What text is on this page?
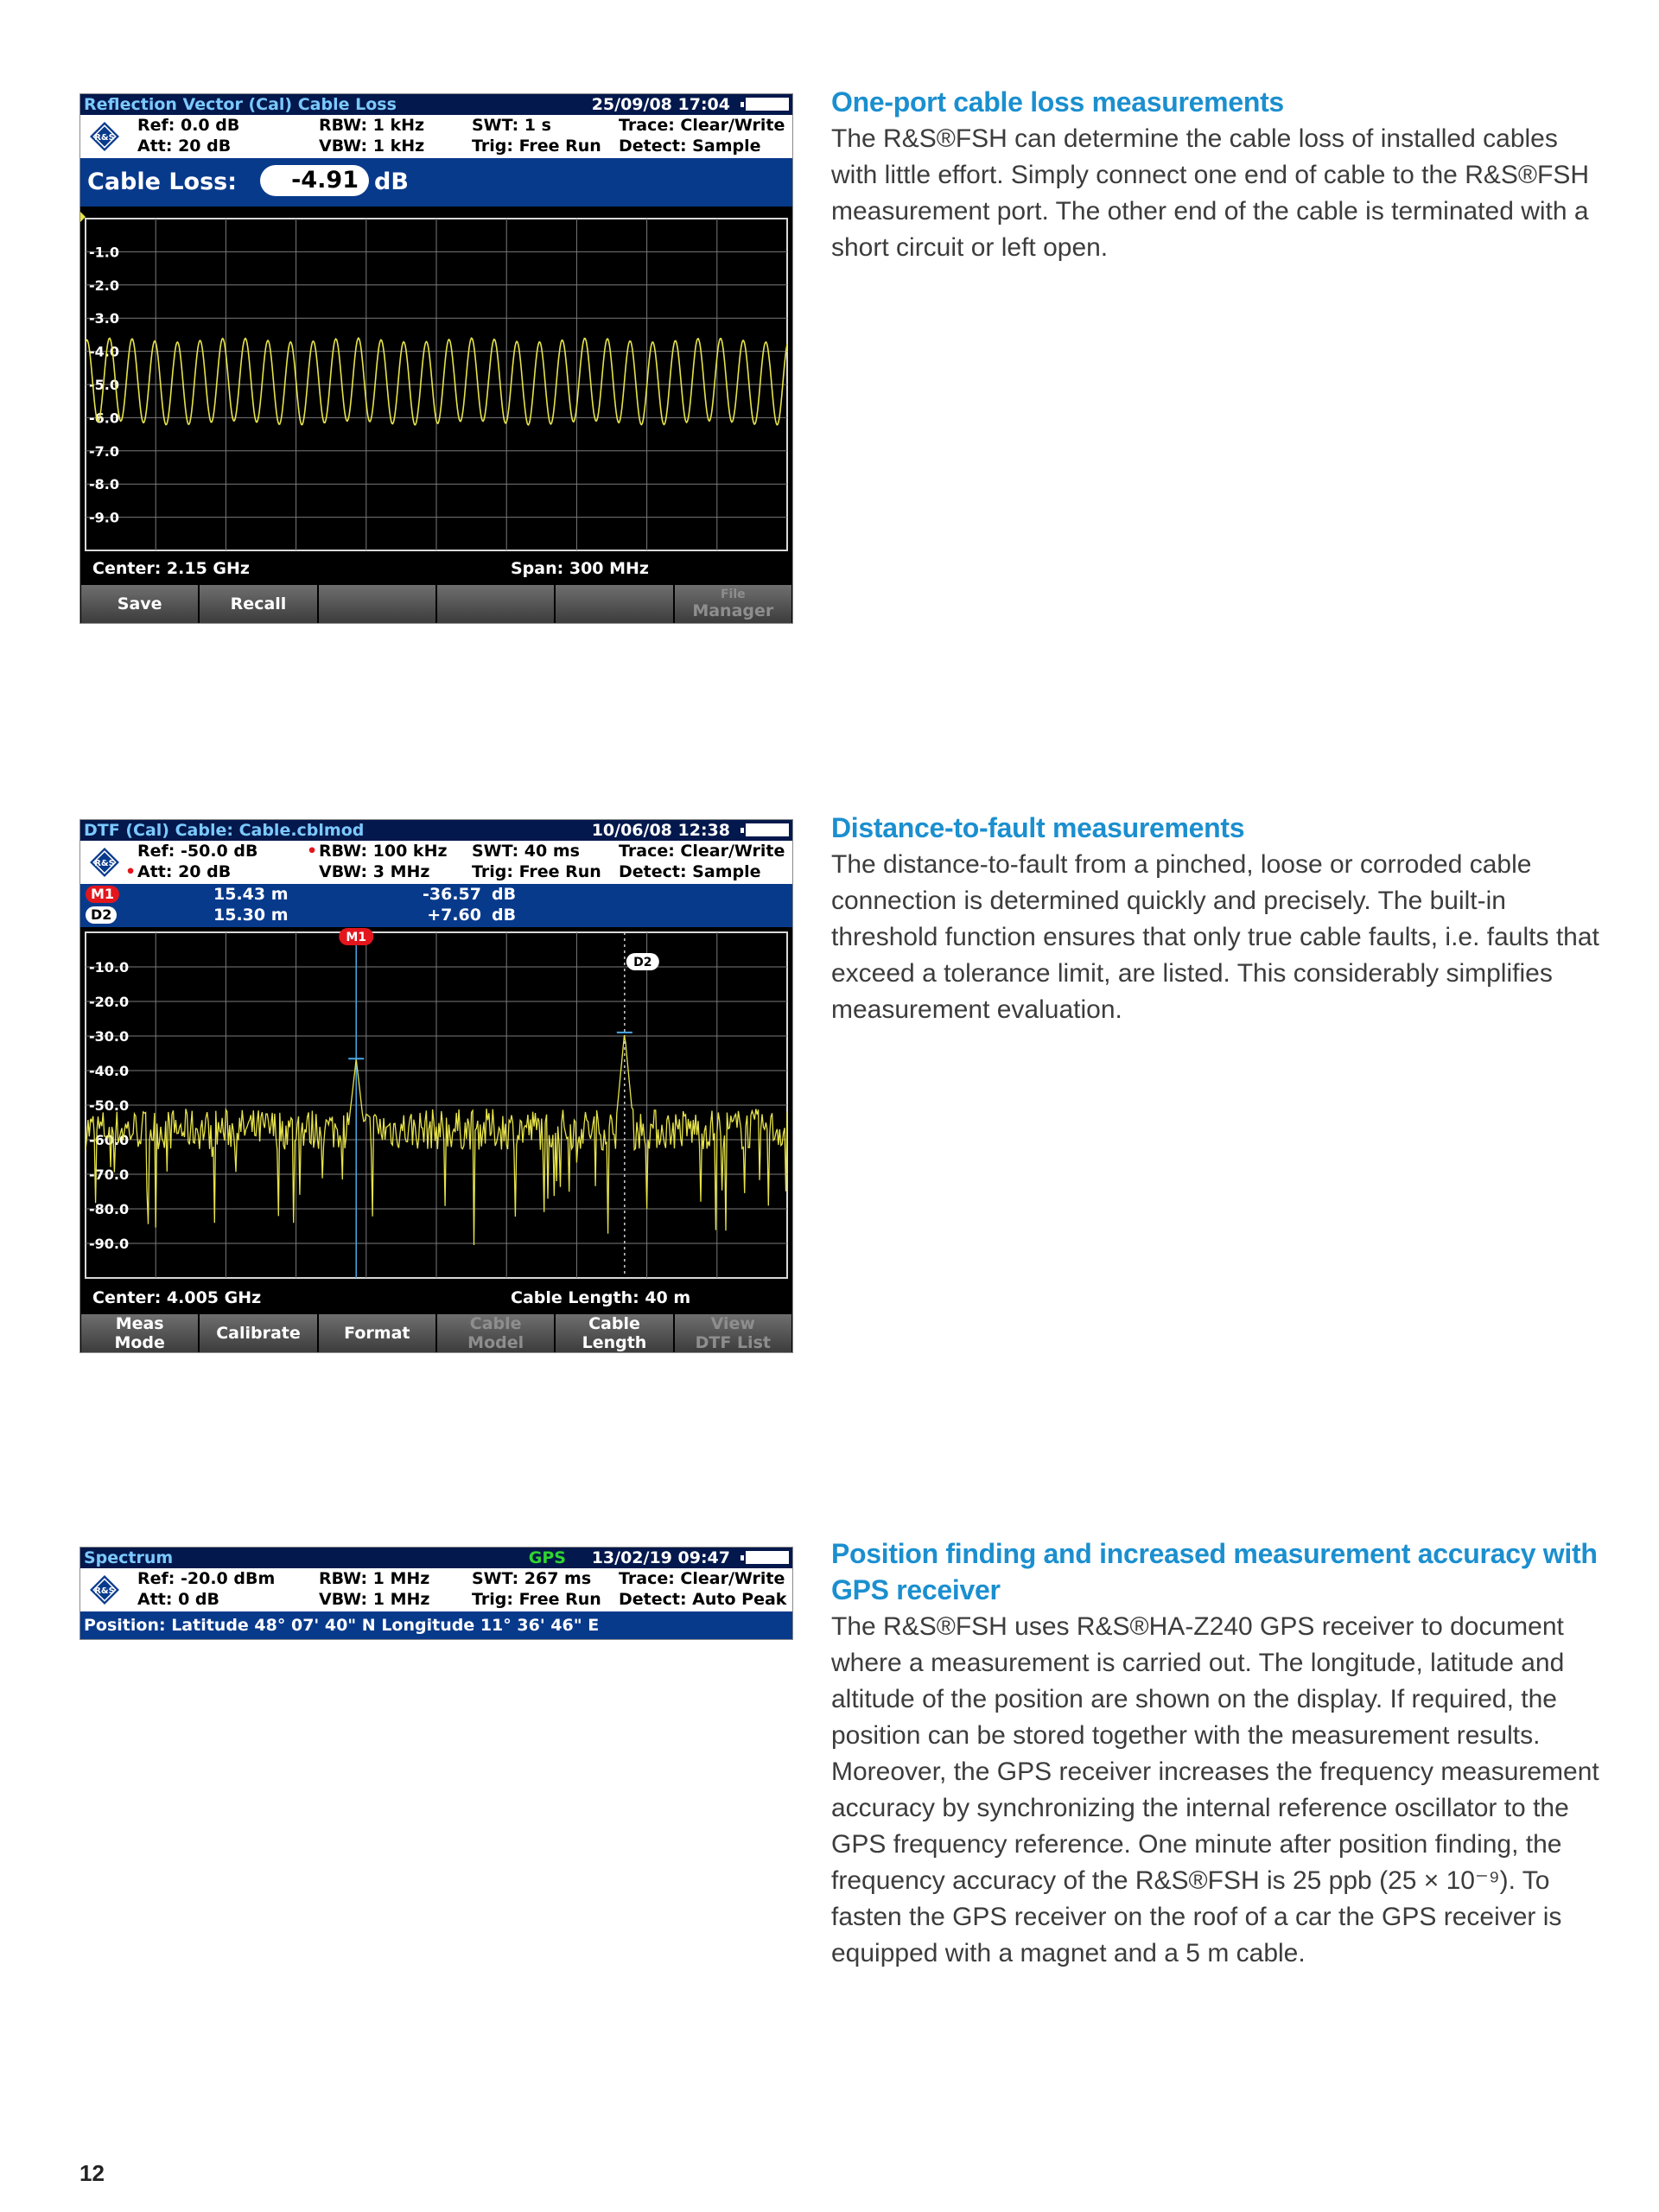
Reflection Vector (Cal) Cable Loss	25/09/08 17:04
R&S
Ref: 0.0 dB
Att: 20 dB
RBW: 1 kHz
VBW: 1 kHz
SWT: 1 s
Trig: Free Run
Trace: Clear/Write
Detect: Sample
Cable Loss:	-4.91 dB
-1.0
-2.0
-3.0
-4.0
-5.0
-6.0
-7.0
-8.0
-9.0
Center: 2.15 GHz	Span: 300 MHz
Save	Recall	File
Manager
One-port cable loss measurements

The R&S®FSH can determine the cable loss of installed cables with little effort. Simply connect one end of cable to the R&S®FSH measurement port. The other end of the cable is terminated with a short circuit or left open.

DTF (Cal) Cable: Cable.cblmod	10/06/08 12:38
R&S
Ref: -50.0 dB
• Att: 20 dB
• RBW: 100 kHz
VBW: 3 MHz
SWT: 40 ms
Trig: Free Run
Trace: Clear/Write
Detect: Sample
M1	15.43 m	-36.57 dB
D2	15.30 m	+7.60 dB
-10.0
-20.0
-30.0
-40.0
-50.0
-60.0
-70.0
-80.0
-90.0
M1
D2
Center: 4.005 GHz	Cable Length: 40 m
Meas
Mode	Calibrate	Format	Cable
Model
Cable
Length
View
DTF List
Distance-to-fault measurements

The distance-to-fault from a pinched, loose or corroded cable connection is determined quickly and precisely. The built-in threshold function ensures that only true cable faults, i.e. faults that exceed a tolerance limit, are listed. This considerably simplifies measurement evaluation.

Spectrum	GPS 13/02/19 09:47
R&S
Ref: -20.0 dBm
Att: 0 dB
RBW: 1 MHz
VBW: 1 MHz
SWT: 267 ms
Trig: Free Run
Trace: Clear/Write
Detect: Auto Peak
Position: Latitude 48° 07' 40" N Longitude 11° 36' 46" E
Position finding and increased measurement accuracy with GPS receiver

The R&S®FSH uses R&S®HA-Z240 GPS receiver to document where a measurement is carried out. The longitude, latitude and altitude of the position are shown on the display. If required, the position can be stored together with the measurement results. Moreover, the GPS receiver increases the frequency measurement accuracy by synchronizing the internal reference oscillator to the GPS frequency reference. One minute after position finding, the frequency accuracy of the R&S®FSH is 25 ppb (25 × 10⁻⁹). To fasten the GPS receiver on the roof of a car the GPS receiver is equipped with a magnet and a 5 m cable.

12
